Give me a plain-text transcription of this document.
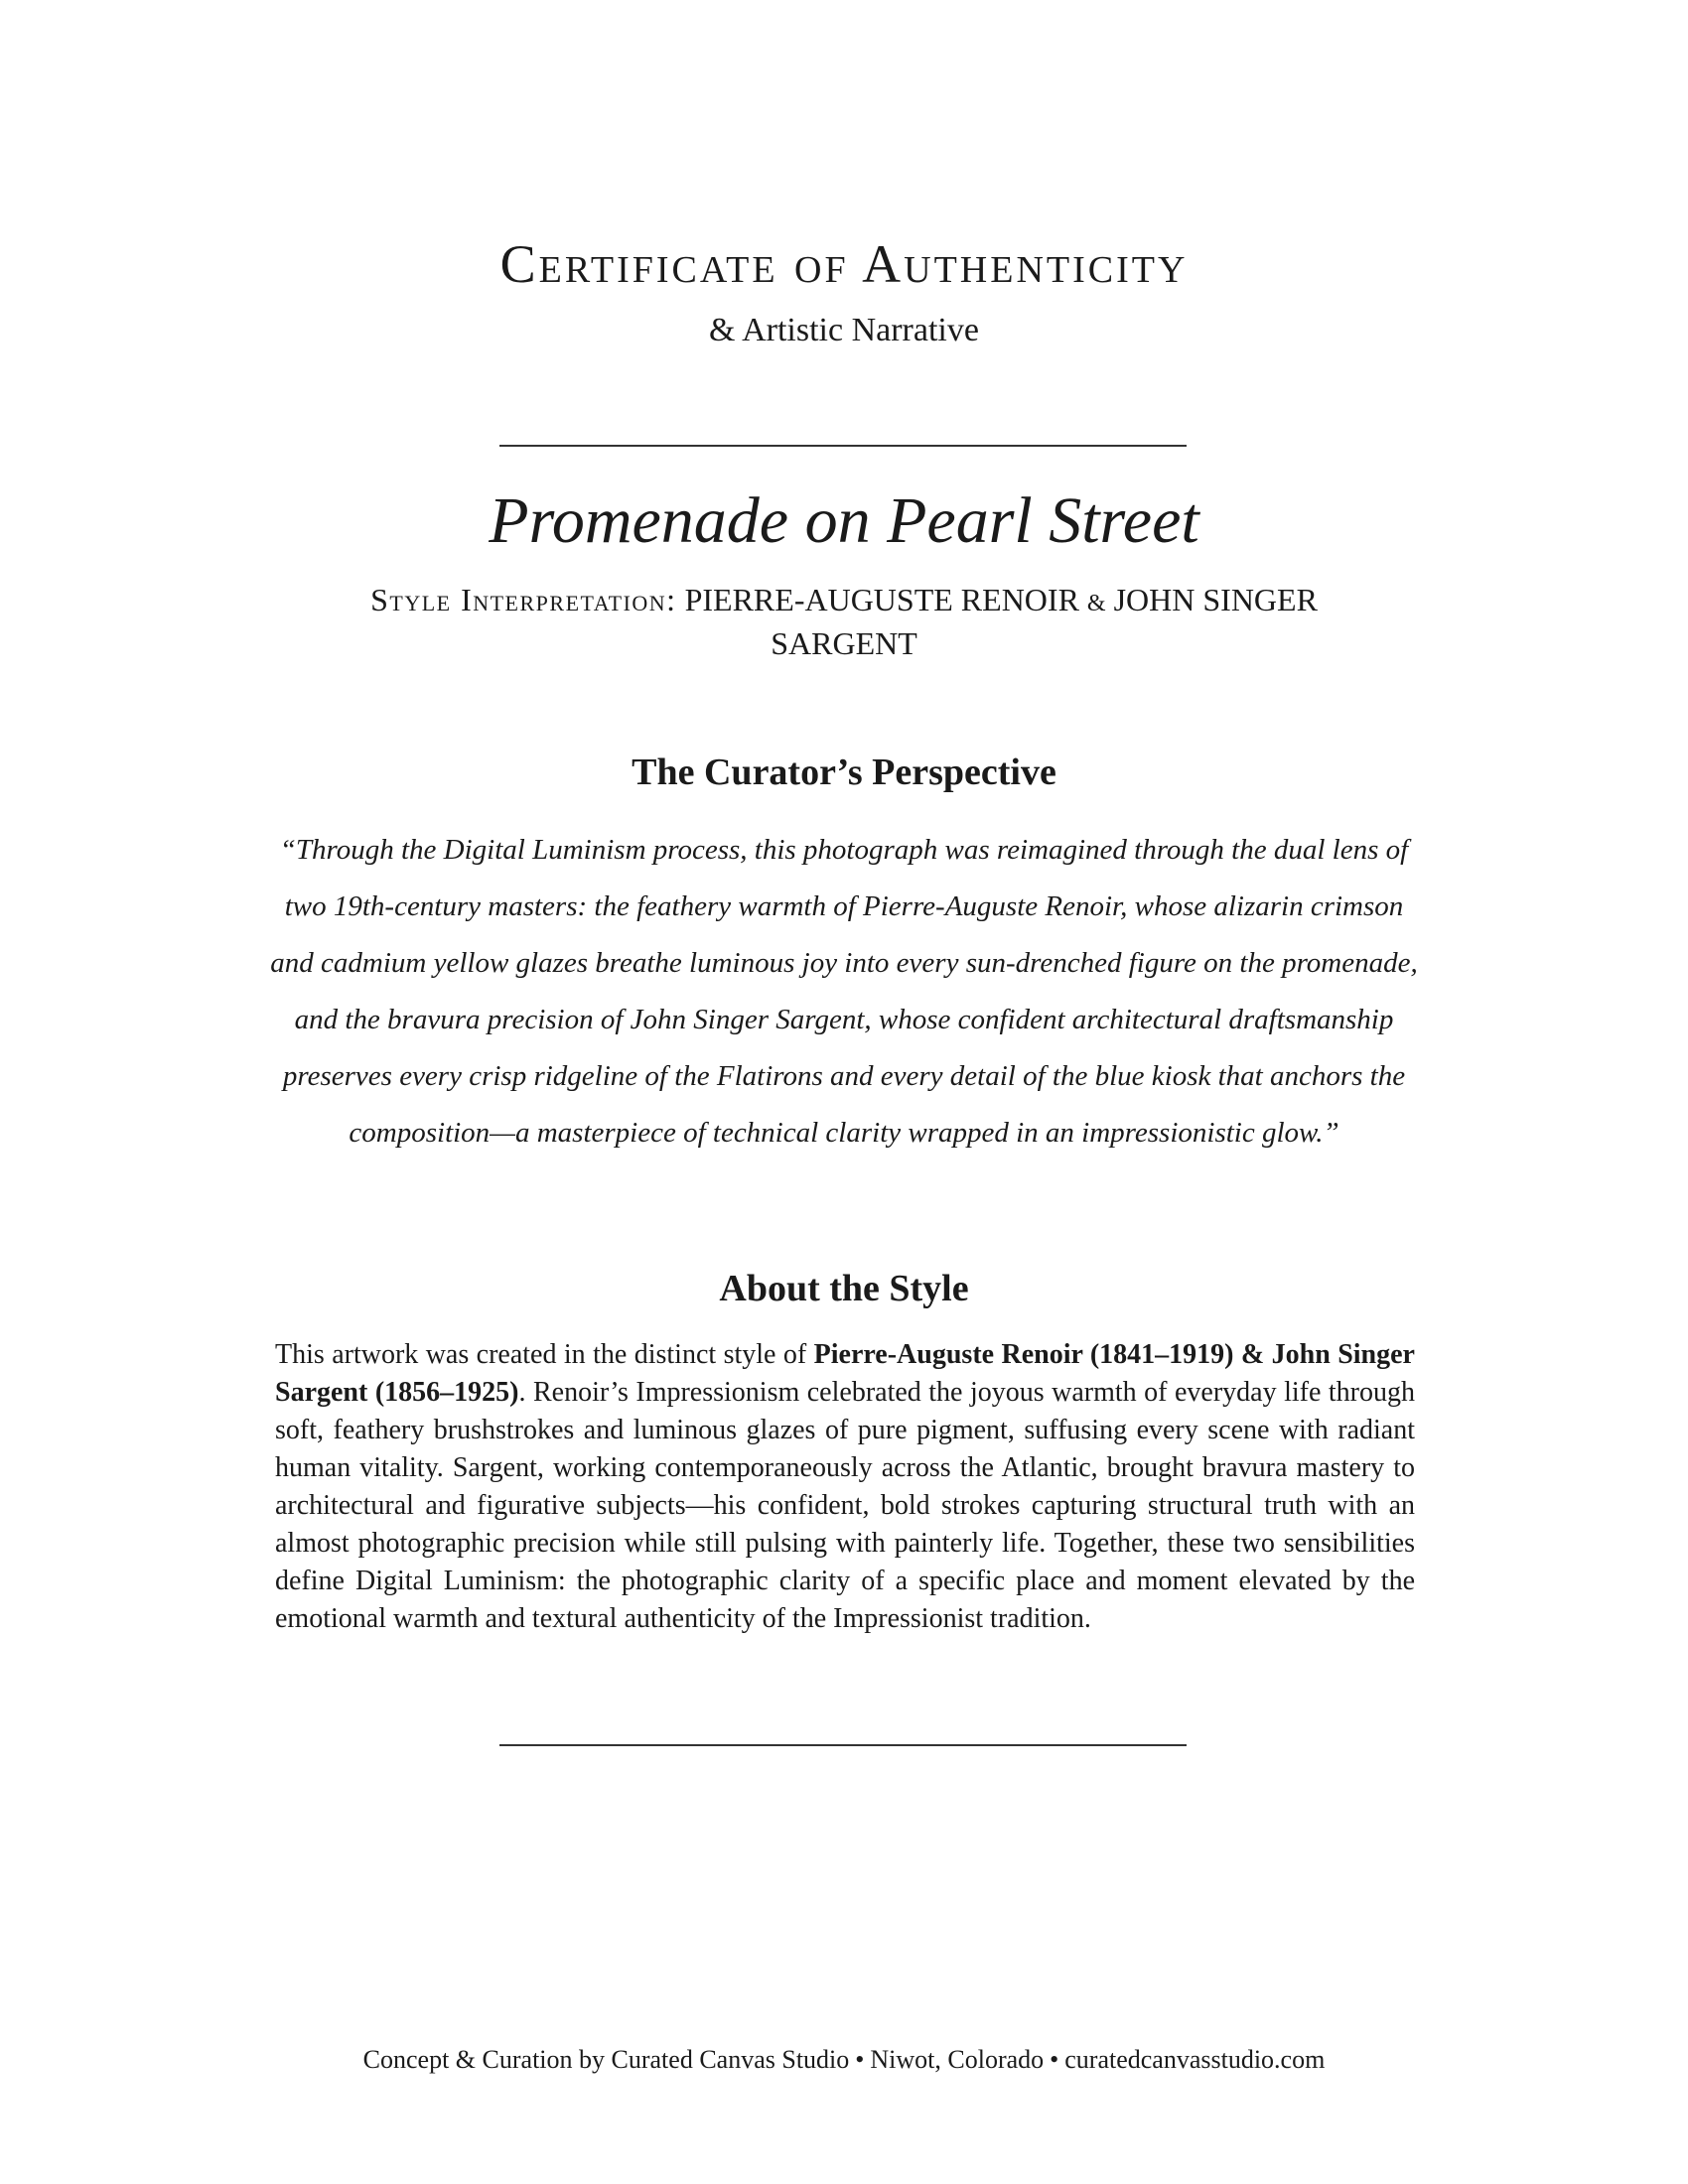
Certificate of Authenticity

& Artistic Narrative

Promenade on Pearl Street

Style Interpretation: PIERRE-AUGUSTE RENOIR & JOHN SINGER SARGENT

The Curator’s Perspective

“Through the Digital Luminism process, this photograph was reimagined through the dual lens of two 19th-century masters: the feathery warmth of Pierre-Auguste Renoir, whose alizarin crimson and cadmium yellow glazes breathe luminous joy into every sun-drenched figure on the promenade, and the bravura precision of John Singer Sargent, whose confident architectural draftsmanship preserves every crisp ridgeline of the Flatirons and every detail of the blue kiosk that anchors the composition—a masterpiece of technical clarity wrapped in an impressionistic glow.”

About the Style

This artwork was created in the distinct style of Pierre-Auguste Renoir (1841–1919) & John Singer Sargent (1856–1925). Renoir’s Impressionism celebrated the joyous warmth of everyday life through soft, feathery brushstrokes and luminous glazes of pure pigment, suffusing every scene with radiant human vitality. Sargent, working contemporaneously across the Atlantic, brought bravura mastery to architectural and figurative subjects—his confident, bold strokes capturing structural truth with an almost photographic precision while still pulsing with painterly life. Together, these two sensibilities define Digital Luminism: the photographic clarity of a specific place and moment elevated by the emotional warmth and textural authenticity of the Impressionist tradition.

Concept & Curation by Curated Canvas Studio • Niwot, Colorado • curatedcanvasstudio.com
